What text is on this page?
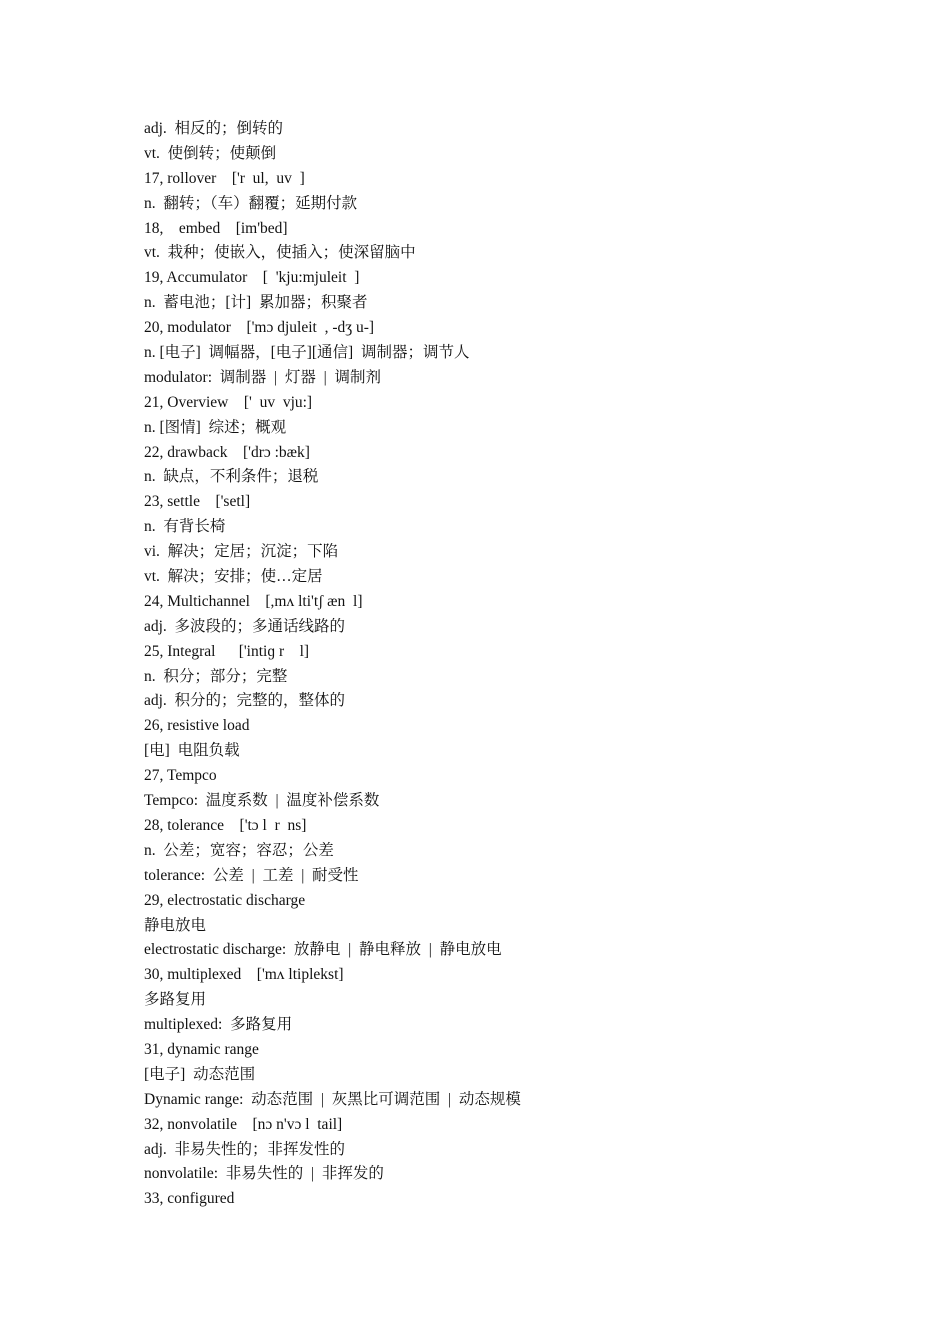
adj.  相反的；倒转的
vt.  使倒转；使颠倒
17, rollover    ['r  ul,  uv  ]
n.  翻转；（车）翻覆；延期付款
18,    embed    [im'bed]
vt.  栽种；使嵌入，使插入；使深留脑中
19, Accumulator    [  'kju:mjuleit  ]
n.  蓄电池；[计]  累加器；积聚者
20, modulator    ['mɔ djuleit  , -dʒ u-]
n. [电子]  调幅器，[电子][通信]  调制器；调节人
modulator:  调制器  |  灯器  |  调制剂
21, Overview    ['  uv  vju:]
n. [图情]  综述；概观
22, drawback    ['drɔ :bæk]
n.  缺点，不利条件；退税
23, settle    ['setl]
n.  有背长椅
vi.  解决；定居；沉淀；下陷
vt.  解决；安排；使…定居
24, Multichannel    [,mʌ lti'tʃ æn  l]
adj.  多波段的；多通话线路的
25, Integral      ['intiɡ r    l]
n.  积分；部分；完整
adj.  积分的；完整的，整体的
26, resistive load
[电]  电阻负载
27, Tempco
Tempco:  温度系数  |  温度补偿系数
28, tolerance    ['tɔ l  r  ns]
n.  公差；宽容；容忍；公差
tolerance:  公差  |  工差  |  耐受性
29, electrostatic discharge
静电放电
electrostatic discharge:  放静电  |  静电释放  |  静电放电
30, multiplexed    ['mʌ ltiplekst]
多路复用
multiplexed:  多路复用
31, dynamic range
[电子]  动态范围
Dynamic range:  动态范围  |  灰黑比可调范围  |  动态规模
32, nonvolatile    [nɔ n'vɔ l  tail]
adj.  非易失性的；非挥发性的
nonvolatile:  非易失性的  |  非挥发的
33, configured
